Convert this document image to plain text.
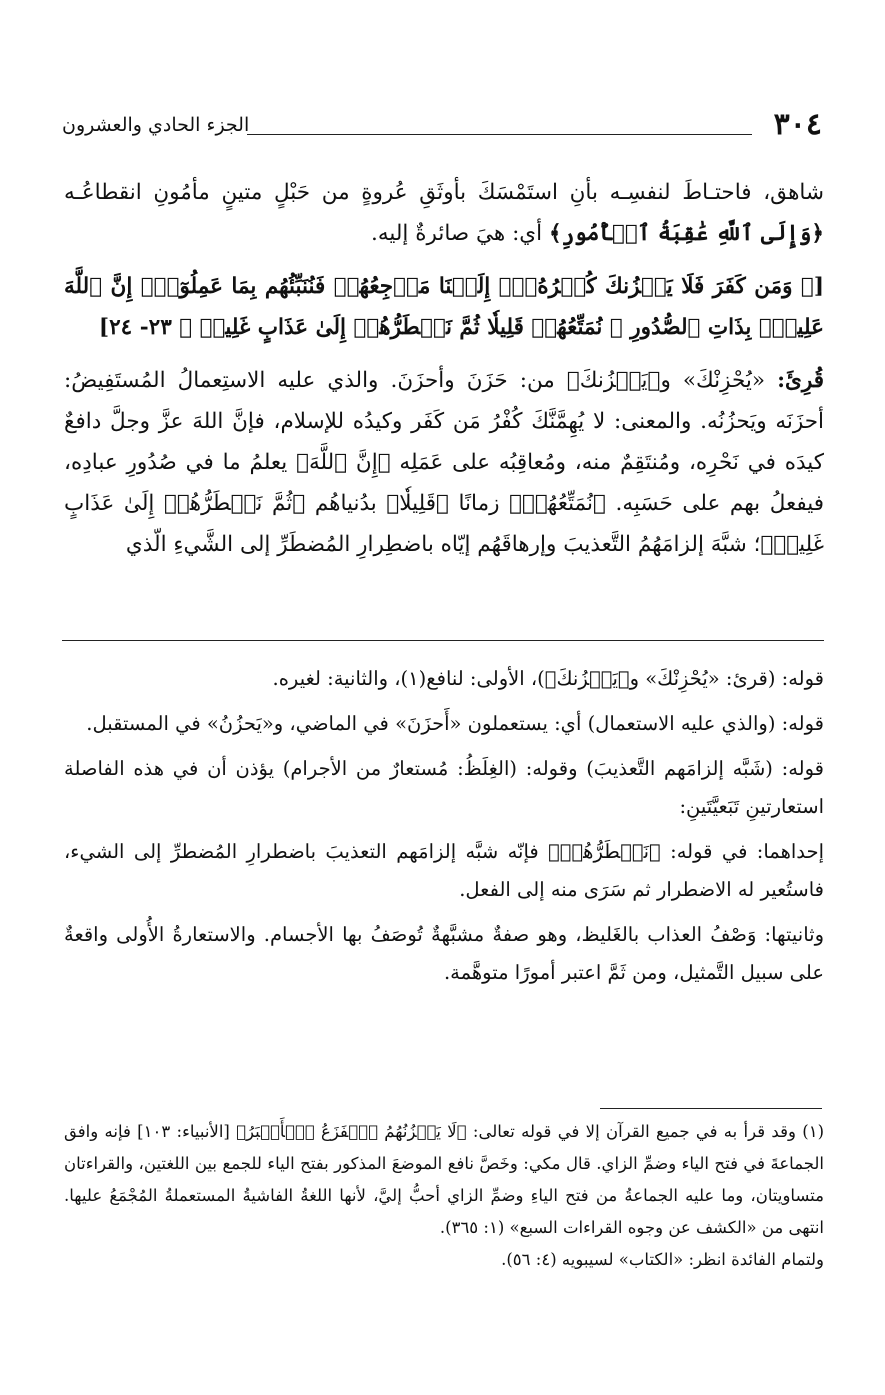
٣٠٤
الجزء الحادي والعشرون

شاهق، فاحتـاطَ لنفسِـه بأنِ استَمْسَكَ بأوثَقِ عُروةٍ من حَبْلٍ متينٍ مأمُونِ انقطاعُـه ﴿وَإِلَى ٱللَّهِ عَٰقِبَةُ ٱلۡأُمُورِ﴾ أي: هيَ صائرةٌ إليه.

[﴿ وَمَن كَفَرَ فَلَا يَحۡزُنكَ كُفۡرُهُۥٓۚ إِلَيۡنَا مَرۡجِعُهُمۡ فَنُنَبِّئُهُم بِمَا عَمِلُوٓاْۚ إِنَّ ٱللَّهَ عَلِيمُۢ بِذَاتِ ٱلصُّدُورِ ۞ نُمَتِّعُهُمۡ قَلِيلٗا ثُمَّ نَضۡطَرُّهُمۡ إِلَىٰ عَذَابٍ غَلِيظٖ ﴾ ٢٣- ٢٤]

قُرِئَ: «يُحْزِنْكَ» و﴿يَحۡزُنكَ﴾ من: حَزَنَ وأحزَنَ. والذي عليه الاستِعمالُ المُستَفِيضُ: أحزَنَه ويَحزُنُه. والمعنى: لا يُهِمَّنَّكَ كُفْرُ مَن كَفَر وكيدُه للإسلام، فإنَّ اللهَ عزَّ وجلَّ دافعٌ كيدَه في نَحْرِه، ومُنتَقِمٌ منه، ومُعاقِبُه على عَمَلِه ﴿إِنَّ ٱللَّهَ﴾ يعلمُ ما في صُدُورِ عبادِه، فيفعلُ بهم على حَسَبِه. ﴿نُمَتِّعُهُمۡ﴾ زمانًا ﴿قَلِيلٗا﴾ بدُنياهُم ﴿ثُمَّ نَضۡطَرُّهُمۡ إِلَىٰ عَذَابٍ غَلِيظٖ﴾؛ شبَّهَ إلزامَهُمُ التَّعذيبَ وإرهاقَهُم إيّاه باضطِرارِ المُضطَرِّ إلى الشَّيءِ الّذي

قوله: (قرئ: «يُحْزِنْكَ» و﴿يَحۡزُنكَ﴾)، الأولى: لنافع(١)، والثانية: لغيره.

قوله: (والذي عليه الاستعمال) أي: يستعملون «أَحزَنَ» في الماضي، و«يَحزُنُ» في المستقبل.

قوله: (شَبَّه إلزامَهم التَّعذيبَ) وقوله: (الغِلَظُ: مُستعارٌ من الأجرام) يؤذن أن في هذه الفاصلة استعارتينِ تَبَعيَّتَينِ:

إحداهما: في قوله: ﴿نَضۡطَرُّهُمۡ﴾ فإنّه شبَّه إلزامَهم التعذيبَ باضطرارِ المُضطرِّ إلى الشيء، فاستُعير له الاضطرار ثم سَرَى منه إلى الفعل.

وثانيتها: وَصْفُ العذاب بالغَليظ، وهو صفةٌ مشبَّهةٌ تُوصَفُ بها الأجسام. والاستعارةُ الأُولى واقعةٌ على سبيل التَّمثيل، ومن ثَمَّ اعتبر أمورًا متوهَّمة.

(١) وقد قرأ به في جميع القرآن إلا في قوله تعالى: ﴿لَا يَحۡزُنُهُمُ ٱلۡفَزَعُ ٱلۡأَكۡبَرُ﴾ [الأنبياء: ١٠٣] فإنه وافق الجماعةَ في فتح الياء وضمِّ الزاي. قال مكي: وخَصَّ نافع الموضعَ المذكور بفتح الياء للجمع بين اللغتين، والقراءتان متساويتان، وما عليه الجماعةُ من فتح الياءِ وضمِّ الزاي أحبُّ إليَّ، لأنها اللغةُ الفاشيةُ المستعملةُ المُجْمَعُ عليها. انتهى من «الكشف عن وجوه القراءات السبع» (١: ٣٦٥).

ولتمام الفائدة انظر: «الكتاب» لسيبويه (٤: ٥٦).
